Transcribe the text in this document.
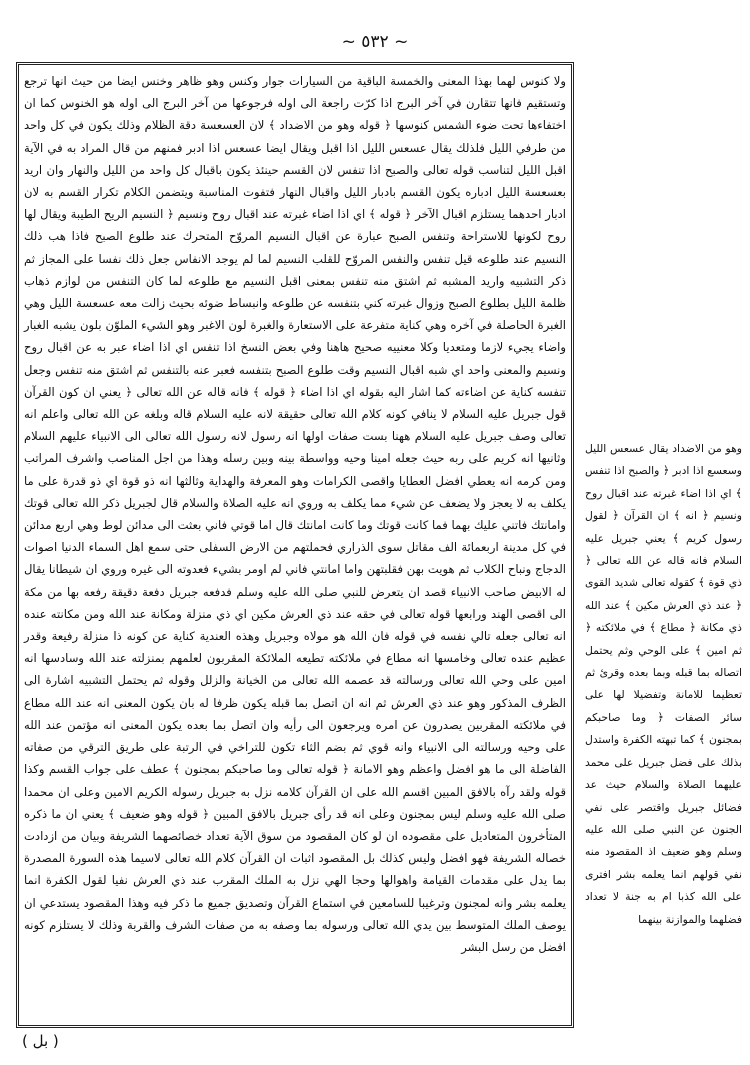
~ ٥٣٢ ~
ولا كنوس لهما بهذا المعنى والخمسة الباقية من السيارات جوار وكنس وهو ظاهر وخنس ايضا من حيث انها ترجع وتستقيم فانها تتقارن في آخر البرج اذا كرّت راجعة الى اوله فرجوعها من آخر البرج الى اوله هو الخنوس كما ان اختفاءها تحت ضوء الشمس كنوسها ﴿ قوله وهو من الاضداد ﴾ لان العسعسة دقة الظلام وذلك يكون في كل واحد من طرفي الليل فلذلك يقال عسعس الليل اذا اقبل ويقال ايضا عسعس اذا ادبر فمنهم من قال المراد به في الآية اقبل الليل لتناسب قوله تعالى والصبح اذا تنفس لان القسم حينئذ يكون باقبال كل واحد من الليل والنهار وان اريد بعسعسة الليل ادباره يكون القسم بادبار الليل واقبال النهار فتفوت المناسبة ويتضمن الكلام تكرار القسم به لان ادبار احدهما يستلزم اقبال الآخر ﴿ قوله ﴾ اي اذا اضاء غبرته عند اقبال روح ونسيم ﴿ النسيم الريح الطيبة ويقال لها روح لكونها للاستراحة وتنفس الصبح عبارة عن اقبال النسيم المروّح المتحرك عند طلوع الصبح فاذا هب ذلك النسيم عند طلوعه قيل تنفس والنفس المروّح للقلب النسيم لما لم يوجد الانفاس جعل ذلك نفسا على المجاز ثم ذكر التشبيه واريد المشبه ثم اشتق منه تنفس بمعنى اقبل النسيم مع طلوعه لما كان التنفس من لوازم ذهاب ظلمة الليل بطلوع الصبح وزوال غبرته كني بتنفسه عن طلوعه وانبساط ضوئه بحيث زالت معه عسعسة الليل وهي الغبرة الحاصلة في آخره وهي كناية متفرعة على الاستعارة والغبرة لون الاغبر وهو الشيء الملوّن بلون يشبه الغبار واضاء يجيء لازما ومتعديا وكلا معنييه صحيح هاهنا وفي بعض النسخ اذا تنفس اي اذا اضاء عبر به عن اقبال روح ونسيم والمعنى واحد اي شبه اقبال النسيم وقت طلوع الصبح بتنفسه فعبر عنه بالتنفس ثم اشتق منه تنفس وجعل تنفسه كناية عن اضاءته كما اشار اليه بقوله اي اذا اضاء ﴿ قوله ﴾ فانه قاله عن الله تعالى ﴿ يعني ان كون القرآن قول جبريل عليه السلام لا ينافي كونه كلام الله تعالى حقيقة لانه عليه السلام قاله وبلغه عن الله تعالى واعلم انه تعالى وصف جبريل عليه السلام ههنا بست صفات اولها انه رسول لانه رسول الله تعالى الى الانبياء عليهم السلام وثانيها انه كريم على ربه حيث جعله امينا وحيه وواسطة بينه وبين رسله وهذا من اجل المناصب واشرف المراتب ومن كرمه انه يعطي افضل العطايا واقصى الكرامات وهو المعرفة والهداية وثالثها انه ذو قوة اي ذو قدرة على ما يكلف به لا يعجز ولا يضعف عن شيء مما يكلف به وروي انه عليه الصلاة والسلام قال لجبريل ذكر الله تعالى قوتك وامانتك فاتني عليك بهما فما كانت قوتك وما كانت امانتك قال اما قوتي فاني بعثت الى مدائن لوط وهي اربع مدائن في كل مدينة اربعمائة الف مقاتل سوى الذراري فحملتهم من الارض السفلى حتى سمع اهل السماء الدنيا اصوات الدجاج ونباح الكلاب ثم هويت بهن فقلبتهن واما امانتي فاني لم اومر بشيء فعدوته الى غيره وروي ان شيطانا يقال له الابيض صاحب الانبياء قصد ان يتعرض للنبي صلى الله عليه وسلم فدفعه جبريل دفعة دقيقة رفعه بها من مكة الى اقصى الهند ورابعها قوله تعالى في حقه عند ذي العرش مكين اي ذي منزلة ومكانة عند الله ومن مكانته عنده انه تعالى جعله تالي نفسه في قوله فان الله هو مولاه وجبريل وهذه العندية كناية عن كونه ذا منزلة رفيعة وقدر عظيم عنده تعالى وخامسها انه مطاع في ملائكته تطيعه الملائكة المقربون لعلمهم بمنزلته عند الله وسادسها انه امين على وحي الله تعالى ورسالته قد عصمه الله تعالى من الخيانة والزلل وقوله ثم يحتمل التشبيه اشارة الى الظرف المذكور وهو عند ذي العرش ثم انه ان اتصل بما قبله يكون ظرفا له بان يكون المعنى انه عند الله مطاع في ملائكته المقربين يصدرون عن امره ويرجعون الى رأيه وان اتصل بما بعده يكون المعنى انه مؤتمن عند الله على وحيه ورسالته الى الانبياء وانه قوي ثم بضم الثاء تكون للتراخي في الرتبة على طريق الترقي من صفاته الفاضلة الى ما هو افضل واعظم وهو الامانة ﴿ قوله تعالى وما صاحبكم بمجنون ﴾ عطف على جواب القسم وكذا قوله ولقد رآه بالافق المبين اقسم الله على ان القرآن كلامه نزل به جبريل رسوله الكريم الامين وعلى ان محمدا صلى الله عليه وسلم ليس بمجنون وعلى انه قد رأى جبريل بالافق المبين ﴿ قوله وهو ضعيف ﴾ يعني ان ما ذكره المتأخرون المتعاديل على مقصوده ان لو كان المقصود من سوق الآية تعداد خصائصهما الشريفة وبيان من ازدادت خصاله الشريفة فهو افضل وليس كذلك بل المقصود اثبات ان القرآن كلام الله تعالى لاسيما هذه السورة المصدرة بما يدل على مقدمات القيامة واهوالها وحجا الهي نزل به الملك المقرب عند ذي العرش نفيا لقول الكفرة انما يعلمه بشر وانه لمجنون وترغيبا للسامعين في استماع القرآن وتصديق جميع ما ذكر فيه وهذا المقصود يستدعي ان يوصف الملك المتوسط بين يدي الله تعالى ورسوله بما وصفه به من صفات الشرف والقربة وذلك لا يستلزم كونه افضل من رسل البشر
وهو من الاضداد يقال عسعس الليل وسعسع اذا ادبر ﴿ والصبح اذا تنفس ﴾ اي اذا اضاء غبرته عند اقبال روح ونسيم ﴿ انه ﴾ ان القرآن ﴿ لقول رسول كريم ﴾ يعني جبريل عليه السلام فانه قاله عن الله تعالى ﴿ ذي قوة ﴾ كقوله تعالى شديد القوى ﴿ عند ذي العرش مكين ﴾ عند الله ذي مكانة ﴿ مطاع ﴾ في ملائكته ﴿ ثم امين ﴾ على الوحي وثم يحتمل اتصاله بما قبله وبما بعده وقرئ ثم تعظيما للامانة وتفضيلا لها على سائر الصفات ﴿ وما صاحبكم بمجنون ﴾ كما تبهته الكفرة واستدل بذلك على فضل جبريل على محمد عليهما الصلاة والسلام حيث عد فضائل جبريل واقتصر على نفي الجنون عن النبي صلى الله عليه وسلم وهو ضعيف اذ المقصود منه نفي قولهم انما يعلمه بشر افترى على الله كذبا ام به جنة لا تعداد فضلهما والموازنة بينهما
( بل )
